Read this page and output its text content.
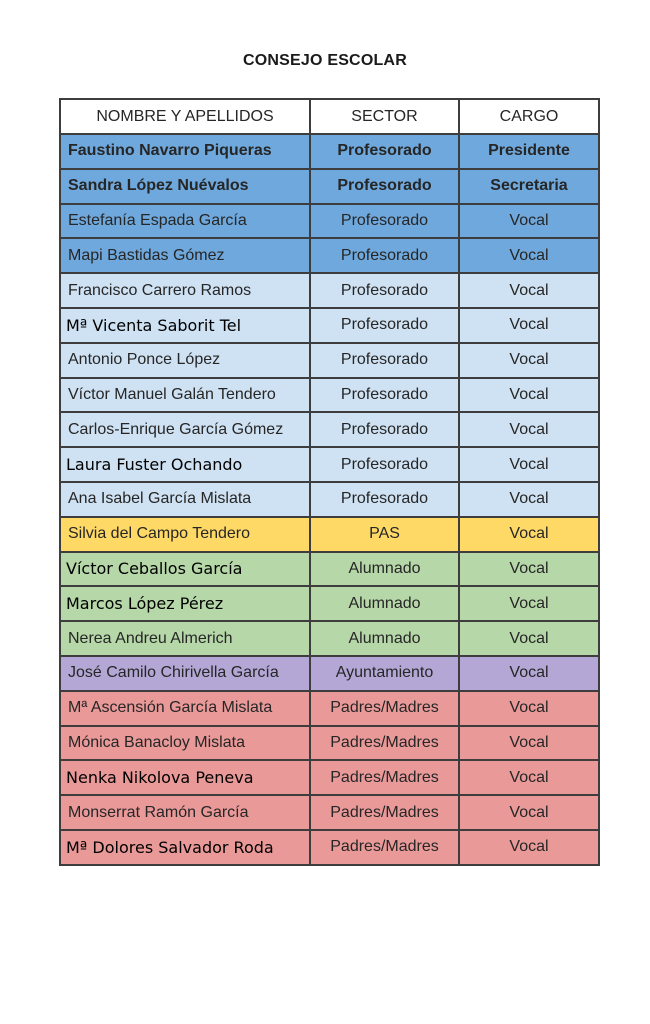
CONSEJO ESCOLAR
NOMBRE Y APELLIDOS	SECTOR	CARGO
Faustino Navarro Piqueras	Profesorado	Presidente
Sandra López Nuévalos	Profesorado	Secretaria
Estefanía Espada García	Profesorado	Vocal
Mapi Bastidas Gómez	Profesorado	Vocal
Francisco Carrero Ramos	Profesorado	Vocal
Mª Vicenta Saborit Tel	Profesorado	Vocal
Antonio Ponce López	Profesorado	Vocal
Víctor Manuel Galán Tendero	Profesorado	Vocal
Carlos-Enrique García Gómez	Profesorado	Vocal
Laura Fuster Ochando	Profesorado	Vocal
Ana Isabel García Mislata	Profesorado	Vocal
Silvia del Campo Tendero	PAS	Vocal
Víctor Ceballos García	Alumnado	Vocal
Marcos López Pérez	Alumnado	Vocal
Nerea Andreu Almerich	Alumnado	Vocal
José Camilo Chirivella García	Ayuntamiento	Vocal
Mª Ascensión García Mislata	Padres/Madres	Vocal
Mónica Banacloy Mislata	Padres/Madres	Vocal
Nenka Nikolova Peneva	Padres/Madres	Vocal
Monserrat Ramón García	Padres/Madres	Vocal
Mª Dolores Salvador Roda	Padres/Madres	Vocal
